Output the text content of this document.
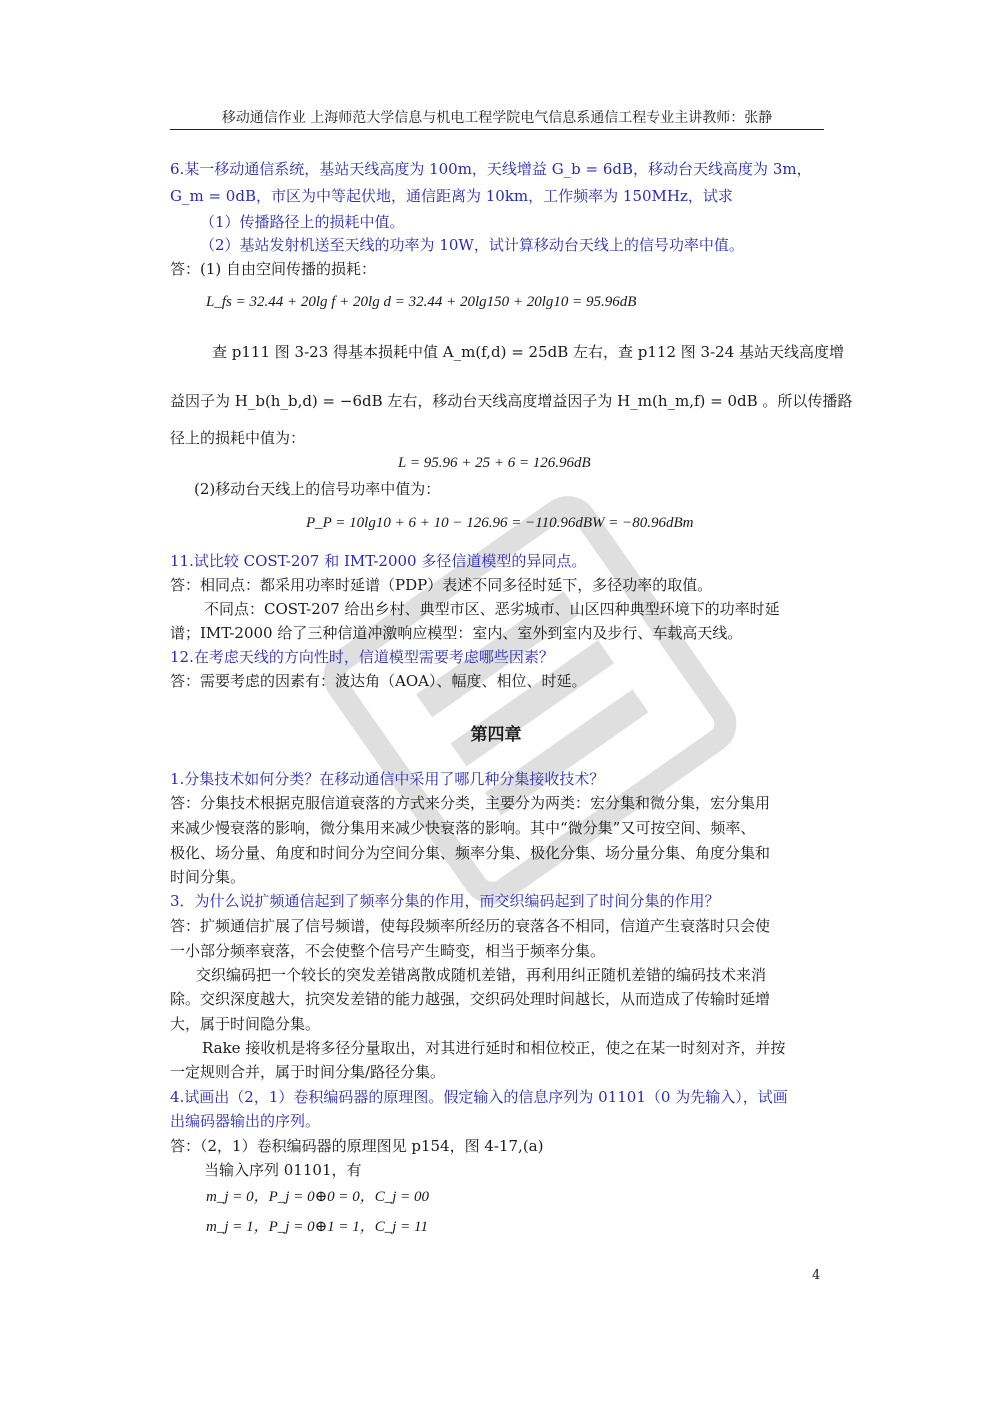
移动通信作业 上海师范大学信息与机电工程学院电气信息系通信工程专业主讲教师：张静
6.某一移动通信系统，基站天线高度为 100m，天线增益 G_b = 6dB，移动台天线高度为 3m，
G_m = 0dB，市区为中等起伏地，通信距离为 10km，工作频率为 150MHz，试求
（1）传播路径上的损耗中值。
（2）基站发射机送至天线的功率为 10W，试计算移动台天线上的信号功率中值。
答：(1) 自由空间传播的损耗：
L_fs = 32.44 + 20lg f + 20lg d = 32.44 + 20lg150 + 20lg10 = 95.96dB
查 p111 图 3-23 得基本损耗中值 A_m(f,d) = 25dB 左右，查 p112 图 3-24 基站天线高度增
益因子为 H_b(h_b,d) = −6dB 左右，移动台天线高度增益因子为 H_m(h_m,f) = 0dB 。所以传播路
径上的损耗中值为：
L = 95.96 + 25 + 6 = 126.96dB
(2)移动台天线上的信号功率中值为：
P_P = 10lg10 + 6 + 10 − 126.96 = −110.96dBW = −80.96dBm
11.试比较 COST-207 和 IMT-2000 多径信道模型的异同点。
答：相同点：都采用功率时延谱（PDP）表述不同多径时延下，多径功率的取值。
不同点：COST-207 给出乡村、典型市区、恶劣城市、山区四种典型环境下的功率时延
谱；IMT-2000 给了三种信道冲激响应模型：室内、室外到室内及步行、车载高天线。
12.在考虑天线的方向性时，信道模型需要考虑哪些因素？
答：需要考虑的因素有：波达角（AOA）、幅度、相位、时延。
第四章
1.分集技术如何分类？在移动通信中采用了哪几种分集接收技术？
答：分集技术根据克服信道衰落的方式来分类，主要分为两类：宏分集和微分集，宏分集用
来减少慢衰落的影响，微分集用来减少快衰落的影响。其中“微分集”又可按空间、频率、
极化、场分量、角度和时间分为空间分集、频率分集、极化分集、场分量分集、角度分集和
时间分集。
3．为什么说扩频通信起到了频率分集的作用，而交织编码起到了时间分集的作用？
答：扩频通信扩展了信号频谱，使每段频率所经历的衰落各不相同，信道产生衰落时只会使
一小部分频率衰落，不会使整个信号产生畸变，相当于频率分集。
交织编码把一个较长的突发差错离散成随机差错，再利用纠正随机差错的编码技术来消
除。交织深度越大，抗突发差错的能力越强，交织码处理时间越长，从而造成了传输时延增
大，属于时间隐分集。
Rake 接收机是将多径分量取出，对其进行延时和相位校正，使之在某一时刻对齐，并按
一定规则合并，属于时间分集/路径分集。
4.试画出（2，1）卷积编码器的原理图。假定输入的信息序列为 01101（0 为先输入），试画
出编码器输出的序列。
答：（2，1）卷积编码器的原理图见 p154，图 4-17,(a)
当输入序列 01101，有
m_j = 0，P_j = 0⊕0 = 0，C_j = 00
m_j = 1，P_j = 0⊕1 = 1，C_j = 11
4
